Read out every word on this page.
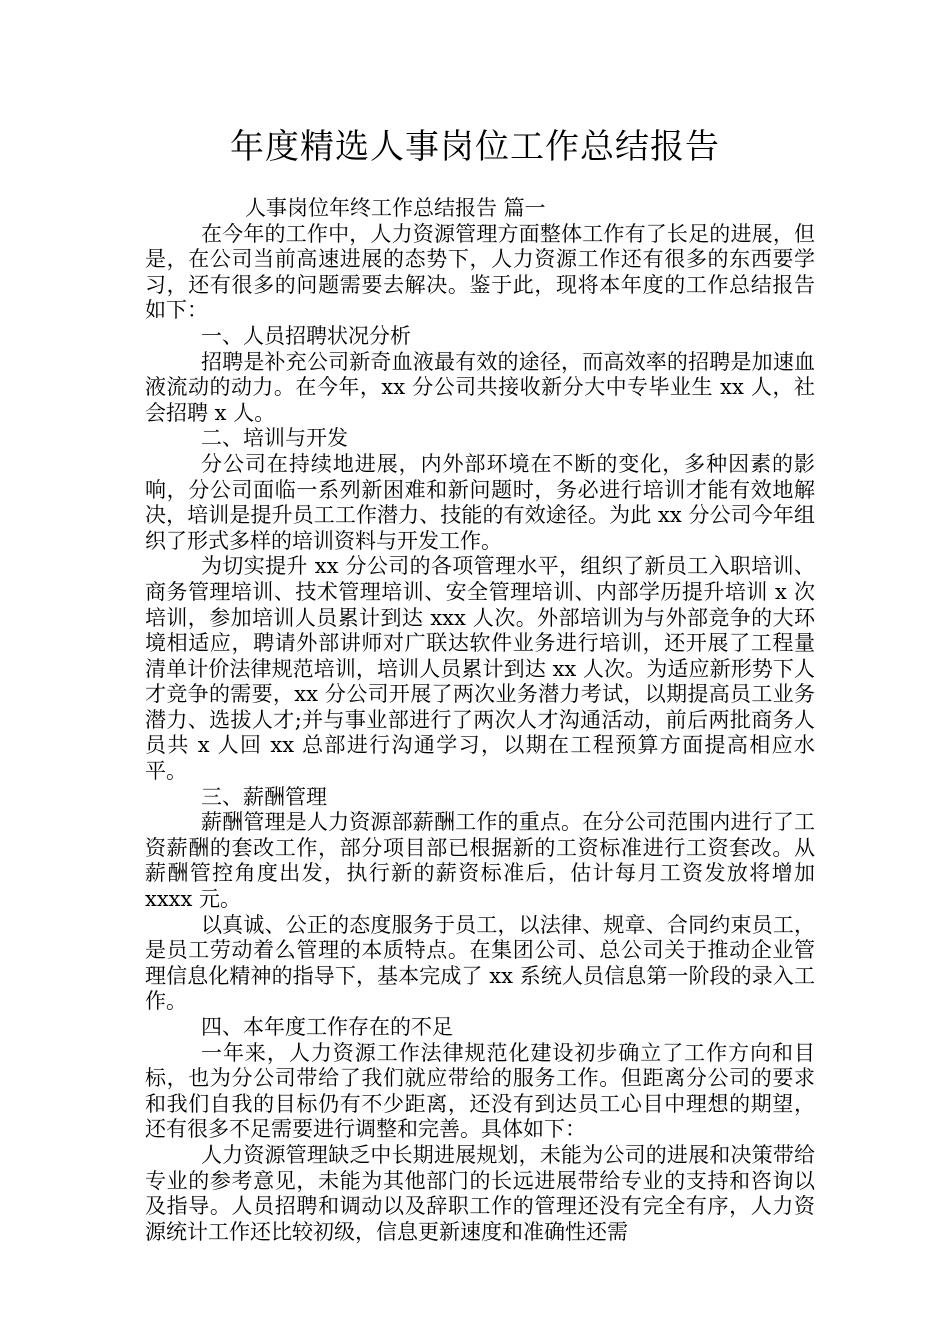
年度精选人事岗位工作总结报告
人事岗位年终工作总结报告 篇一

在今年的工作中，人力资源管理方面整体工作有了长足的进展，但是，在公司当前高速进展的态势下，人力资源工作还有很多的东西要学习，还有很多的问题需要去解决。鉴于此，现将本年度的工作总结报告如下：

一、人员招聘状况分析

招聘是补充公司新奇血液最有效的途径，而高效率的招聘是加速血液流动的动力。在今年，xx 分公司共接收新分大中专毕业生 xx 人，社会招聘 x 人。

二、培训与开发

分公司在持续地进展，内外部环境在不断的变化，多种因素的影响，分公司面临一系列新困难和新问题时，务必进行培训才能有效地解决，培训是提升员工工作潜力、技能的有效途径。为此 xx 分公司今年组织了形式多样的培训资料与开发工作。

为切实提升 xx 分公司的各项管理水平，组织了新员工入职培训、商务管理培训、技术管理培训、安全管理培训、内部学历提升培训 x 次培训，参加培训人员累计到达 xxx 人次。外部培训为与外部竞争的大环境相适应，聘请外部讲师对广联达软件业务进行培训，还开展了工程量清单计价法律规范培训，培训人员累计到达 xx 人次。为适应新形势下人才竞争的需要，xx 分公司开展了两次业务潜力考试，以期提高员工业务潜力、选拔人才;并与事业部进行了两次人才沟通活动，前后两批商务人员共 x 人回 xx 总部进行沟通学习，以期在工程预算方面提高相应水平。

三、薪酬管理

薪酬管理是人力资源部薪酬工作的重点。在分公司范围内进行了工资薪酬的套改工作，部分项目部已根据新的工资标准进行工资套改。从薪酬管控角度出发，执行新的薪资标准后，估计每月工资发放将增加 xxxx 元。

以真诚、公正的态度服务于员工，以法律、规章、合同约束员工，是员工劳动着么管理的本质特点。在集团公司、总公司关于推动企业管理信息化精神的指导下，基本完成了 xx 系统人员信息第一阶段的录入工作。

四、本年度工作存在的不足

一年来，人力资源工作法律规范化建设初步确立了工作方向和目标，也为分公司带给了我们就应带给的服务工作。但距离分公司的要求和我们自我的目标仍有不少距离，还没有到达员工心目中理想的期望，还有很多不足需要进行调整和完善。具体如下：

人力资源管理缺乏中长期进展规划，未能为公司的进展和决策带给专业的参考意见，未能为其他部门的长远进展带给专业的支持和咨询以及指导。人员招聘和调动以及辞职工作的管理还没有完全有序，人力资源统计工作还比较初级，信息更新速度和准确性还需
